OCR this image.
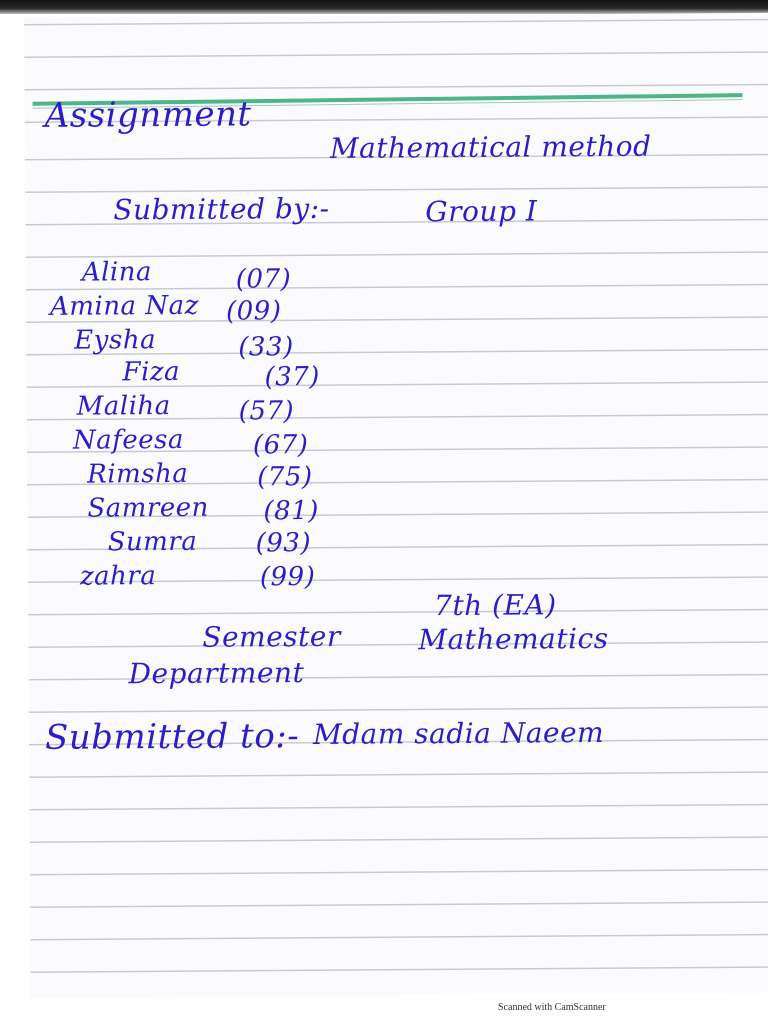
Assignment
Mathematical method
Submitted by:-	Group I
Alina	(07)
Amina Naz (09)
Eysha	(33)
Fiza	(37)
Maliha	(57)
Nafeesa	(67)
Rimsha	(75)
Samreen (81)
Sumra (93)
zahra	(99)
7th (EA)
Semester	Mathematics
Department
Submitted to:- Mdam sadia Naeem
Scanned with CamScanner
